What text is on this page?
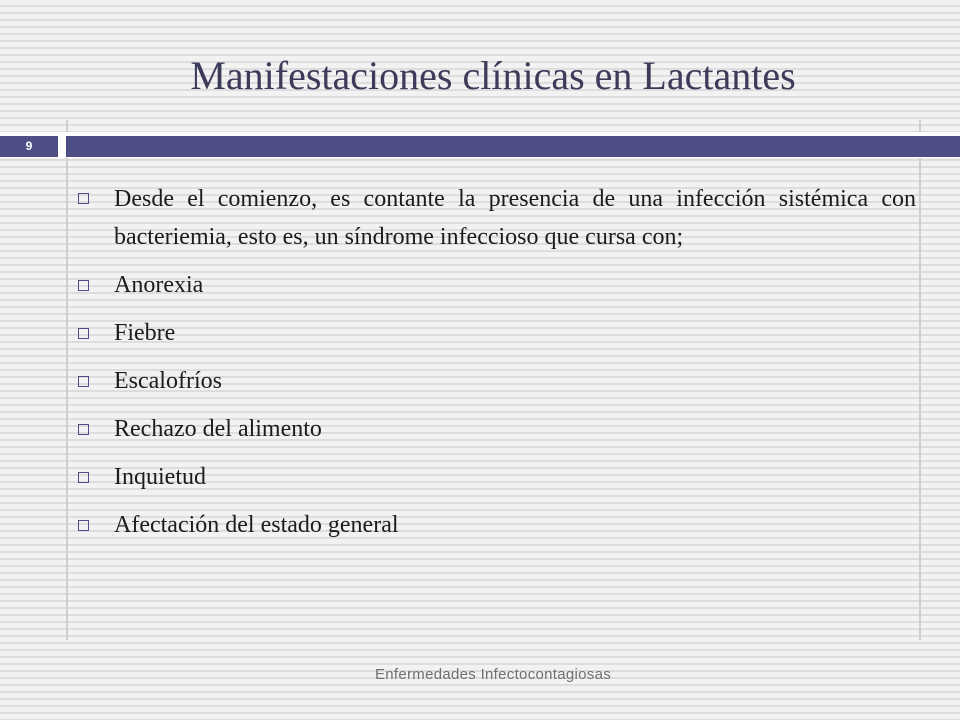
Manifestaciones clínicas en Lactantes
9
Desde el comienzo, es contante la presencia de una infección sistémica con bacteriemia, esto es, un síndrome infeccioso que cursa con;
Anorexia
Fiebre
Escalofríos
Rechazo del alimento
Inquietud
Afectación del estado general
Enfermedades Infectocontagiosas
